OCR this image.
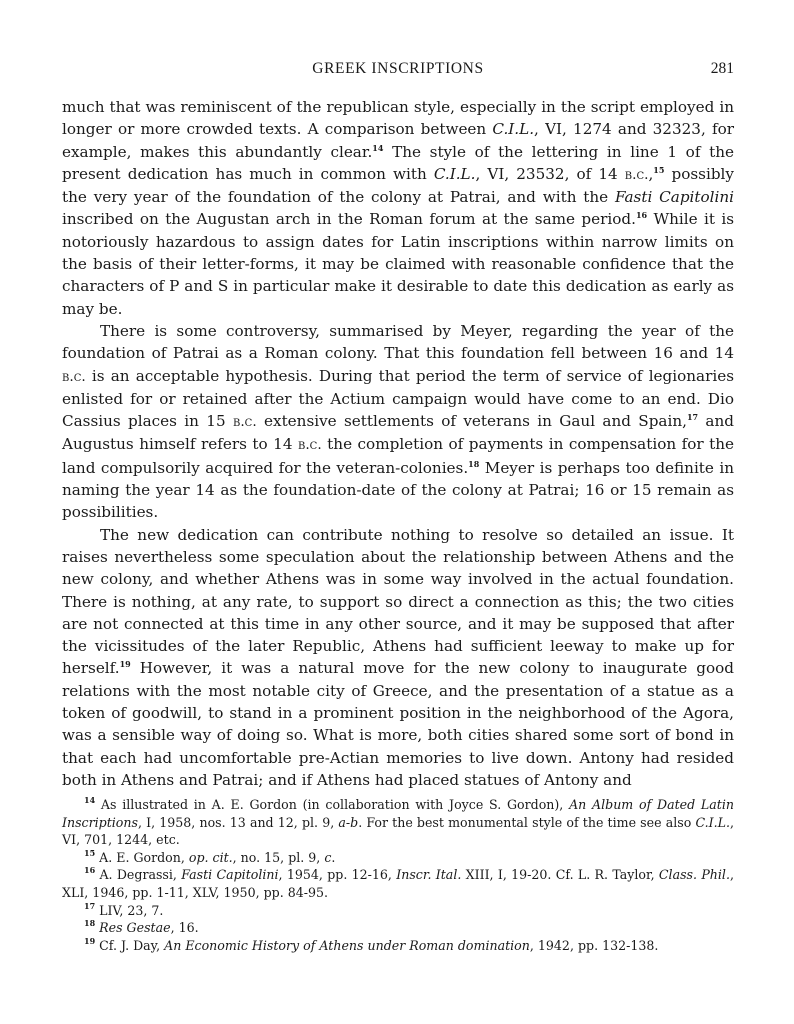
GREEK INSCRIPTIONS	281

much that was reminiscent of the republican style, especially in the script employed in longer or more crowded texts. A comparison between C.I.L., VI, 1274 and 32323, for example, makes this abundantly clear.$^{14}$ The style of the lettering in line 1 of the present dedication has much in common with C.I.L., VI, 23532, of 14 b.c.,$^{15}$ possibly the very year of the foundation of the colony at Patrai, and with the Fasti Capitolini inscribed on the Augustan arch in the Roman forum at the same period.$^{16}$ While it is notoriously hazardous to assign dates for Latin inscriptions within narrow limits on the basis of their letter-forms, it may be claimed with reasonable confidence that the characters of P and S in particular make it desirable to date this dedication as early as may be.

There is some controversy, summarised by Meyer, regarding the year of the foundation of Patrai as a Roman colony. That this foundation fell between 16 and 14 b.c. is an acceptable hypothesis. During that period the term of service of legionaries enlisted for or retained after the Actium campaign would have come to an end. Dio Cassius places in 15 b.c. extensive settlements of veterans in Gaul and Spain,$^{17}$ and Augustus himself refers to 14 b.c. the completion of payments in compensation for the land compulsorily acquired for the veteran-colonies.$^{18}$ Meyer is perhaps too definite in naming the year 14 as the foundation-date of the colony at Patrai; 16 or 15 remain as possibilities.

The new dedication can contribute nothing to resolve so detailed an issue. It raises nevertheless some speculation about the relationship between Athens and the new colony, and whether Athens was in some way involved in the actual foundation. There is nothing, at any rate, to support so direct a connection as this; the two cities are not connected at this time in any other source, and it may be supposed that after the vicissitudes of the later Republic, Athens had sufficient leeway to make up for herself.$^{19}$ However, it was a natural move for the new colony to inaugurate good relations with the most notable city of Greece, and the presentation of a statue as a token of goodwill, to stand in a prominent position in the neighborhood of the Agora, was a sensible way of doing so. What is more, both cities shared some sort of bond in that each had uncomfortable pre-Actian memories to live down. Antony had resided both in Athens and Patrai; and if Athens had placed statues of Antony and

$^{14}$ As illustrated in A. E. Gordon (in collaboration with Joyce S. Gordon), An Album of Dated Latin Inscriptions, I, 1958, nos. 13 and 12, pl. 9, a-b. For the best monumental style of the time see also C.I.L., VI, 701, 1244, etc.

$^{15}$ A. E. Gordon, op. cit., no. 15, pl. 9, c.

$^{16}$ A. Degrassi, Fasti Capitolini, 1954, pp. 12-16, Inscr. Ital. XIII, I, 19-20. Cf. L. R. Taylor, Class. Phil., XLI, 1946, pp. 1-11, XLV, 1950, pp. 84-95.

$^{17}$ LIV, 23, 7.

$^{18}$ Res Gestae, 16.

$^{19}$ Cf. J. Day, An Economic History of Athens under Roman domination, 1942, pp. 132-138.
